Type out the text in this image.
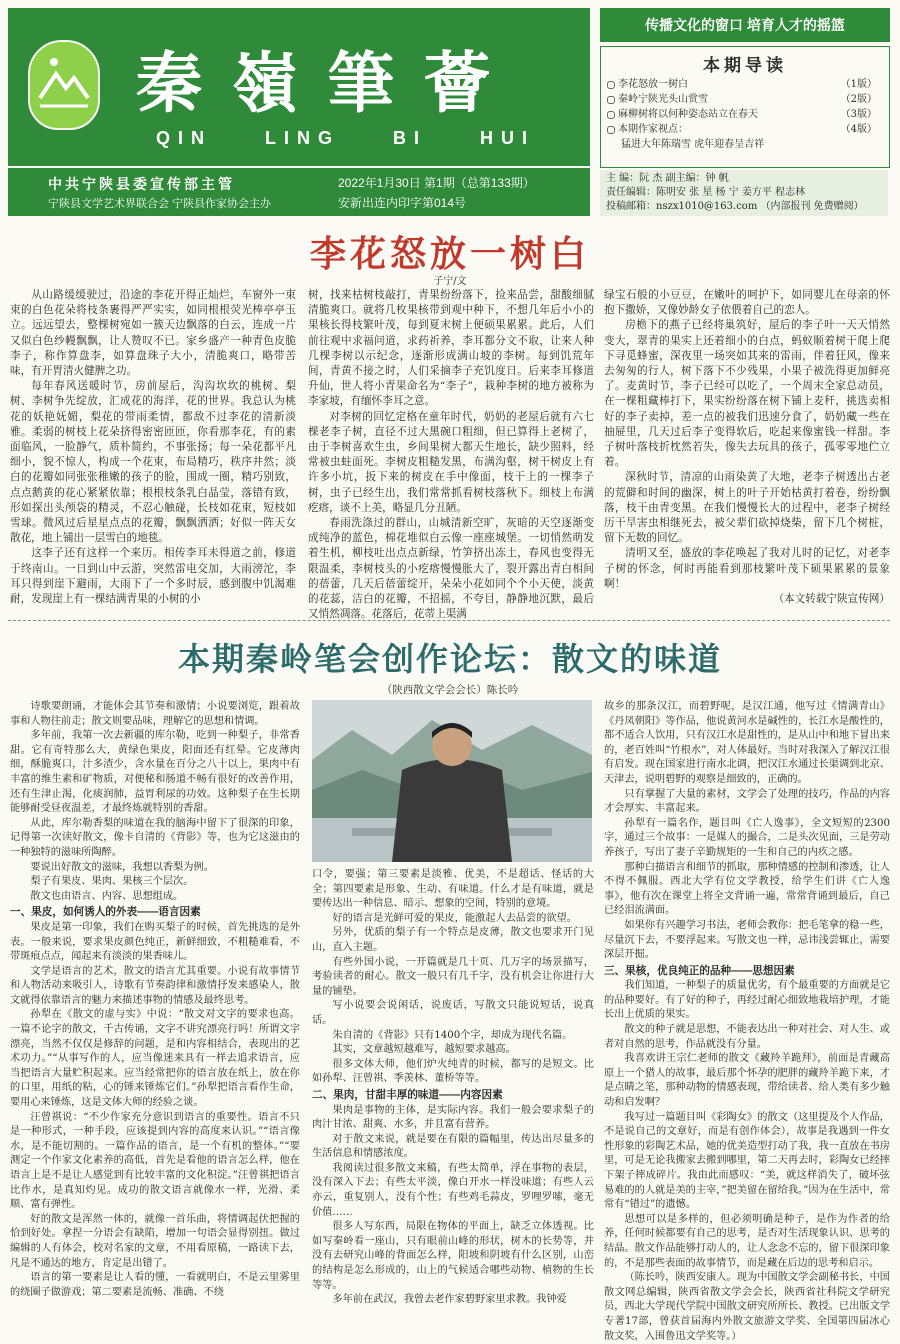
秦嶺筆薈
QIN LING BI HUI
中共宁陕县委宣传部主管
宁陕县文学艺术界联合会 宁陕县作家协会主办
2022年1月30日 第1期（总第133期）
安新出连内印字第014号
传播文化的窗口 培育人才的摇篮
本期导读
李花怒放一树白	（1版）
秦岭宁陕光头山赏雪	（2版）
麻柳树将以何种姿态站立在春天	（3版）
本期作家视点：	（4版）
猛进大年陈瑞雪 虎年迎春呈吉祥
主 编：阮 杰 副主编：钟 帆
责任编辑：陈明安 张 星 杨 宁 姜方平 程志林
投稿邮箱：nszx1010@163.com （内部报刊 免费赠阅）
李花怒放一树白
子宁/文

从山路缓缓驶过，沿途的李花开得正灿烂，车窗外一束束的白色花朵将枝条裹得严严实实，如同根根荧光棒亭亭玉立。远远望去，整棵树宛如一簇天边飘落的白云，连成一片又似白色纱幔飘飘，让人赞叹不已。家乡盛产一种青色皮脆李子，称作算盘李，如算盘珠子大小，清脆爽口，略带苦味，有开胃清火健脾之功。

每年春风送暖时节，房前屋后，沟沟坎坎的桃树、梨树、李树争先绽放，汇成花的海洋，花的世界。我总认为桃花的妖艳妩媚，梨花的带雨柔情，都敌不过李花的清新淡雅。柔弱的树枝上花朵挤得密密匝匝，你看那李花，有的素面临风，一脸静气，质朴简约，不事张扬；每一朵花都平凡细小，貌不惊人，构成一个花束，布局精巧，秩序井然；淡白的花瓣如同张张稚嫩的孩子的脸，围成一圈，精巧别致，点点鹅黄的花心紧紧依靠；根根枝条乳白晶莹，落错有致，形如探出头颅袋的精灵，不忍心触碰，长枝如花束，短枝如雪球。微风过后星星点点的花瓣，飘飘洒洒；好似一阵天女散花，地上铺出一层雪白的地毯。

这李子还有这样一个来历。相传李耳未得道之前，修道于终南山。一日到山中云游，突然雷电交加，大雨滂沱，李耳只得到崖下避雨，大雨下了一个多时辰，感到腹中饥渴难耐，发现崖上有一棵结满青果的小树的小

树，找来枯树枝敲打，青果纷纷落下，捡来品尝，甜酸细腻清脆爽口。就将几枚果核带到观中种下，不想几年后小小的果核长得枝繁叶茂，每到夏末树上便硕果累累。此后，人们前往观中求福问道，求药祈养，李耳都分文不取，让来人种几棵李树以示纪念，逐渐形成满山坡的李树。每到饥荒年间，青黄不接之时，人们采摘李子充饥度日。后来李耳修道升仙，世人将小青果命名为“李子”，栽种李树的地方被称为李家坡，有缅怀李耳之意。

对李树的回忆定格在童年时代，奶奶的老屋后就有六七棵老李子树，直径不过大黑碗口粗细，但已算得上老树了，由于李树喜欢生虫，乡间果树大都天生地长，缺少照料，经常被虫蛀面死。李树皮粗糙发黑，布满沟壑，树干树皮上有许多小坑，扳下来的树皮在手中像面，枝干上的一棵李子树，虫子已经生出，我们常常抓看树枝落秋下。细枝上布满疙瘩，谈不上美，略显几分丑陋。

春雨洗涤过的群山，山城清新空旷，灰暗的天空逐渐变成纯净的蓝色，棉花堆似白云像一座座城堡。一切悄然萌发着生机，柳枝吐出点点新绿，竹笋挤出冻土，春风也变得无限温柔，李树枝头的小疙瘩慢慢胀大了，裂开露出青白相间的蓓蕾，几天后蓓蕾绽开，朵朵小花如同个个小天使，淡黄的花蕊，洁白的花瓣，不招摇，不夸目，静静地沉默，最后又悄然凋落。花落后，花蒂上渠满

绿宝石般的小豆豆，在嫩叶的呵护下，如同婴儿在母亲的怀抱下撒娇，又像妙龄女子依偎着自己的恋人。

房檐下的燕子已经将巢筑好，屋后的李子叶一天天悄然变大，翠青的果实上还着细小的白点，蚂蚁顺着树干爬上爬下寻觅蜂蜜，深夜里一场突如其来的雷雨，伴着狂风，像来去匆匆的行人，树下落下不少残果，小果子被洗得更加鲜亮了。麦黄时节，李子已经可以吃了，一个周末全家总动员，在一棵粗藏棒打下，果实纷纷落在树下铺上麦秆，挑选卖相好的李子卖掉，差一点的被我们迅速分食了，奶奶藏一些在抽屉里，几天过后李子变得软后，吃起来像蜜钱一样甜。李子树叶落枝折枕然若失，像失去玩具的孩子，孤零零地伫立着。

深秋时节，清凉的山雨染黄了大地，老李子树透出古老的荒僻和时间的幽深，树上的叶子开始枯黄打着卷，纷纷飘落，枝干由青变黑。在我们慢慢长大的过程中，老李子树经历干旱害虫相继死去，被父辈们砍掉烧柴，留下几个树桩，留下无数的回忆。

清明又至，盛放的李花唤起了我对儿时的记忆，对老李子树的怀念，何时再能看到那枝繁叶茂下硕果累累的景象啊！

（本文转载宁陕宣传网）

本期秦岭笔会创作论坛：散文的味道
（陕西散文学会会长）陈长吟

诗歌要朗诵，才能体会其节奏和激情；小说要浏览，跟着故事和人物往前走；散文则要品味，理解它的思想和情调。

多年前，我第一次去新疆的库尔勒，吃到一种梨子，非常香甜。它有奇特那么大，黄绿色果皮，阳面还有红晕。它皮薄肉细，酥脆爽口，汁多渣少，含水量在百分之八十以上，果肉中有丰富的维生素和矿物质，对便秘和肠道不畅有很好的改善作用，还有生津止渴，化痰润肺，益胃利尿的功效。这种梨子在生长期能够耐受昼夜温差，才最终炼就特别的香甜。

从此，库尔勒香梨的味道在我的脑海中留下了很深的印象，记得第一次读好散文，像卡自清的《背影》等，也为它这滋由的一种独特的滋味所陶醉。

要说出好散文的滋味，我想以香梨为例。

梨子有果皮、果肉、果核三个层次。

散文也由语言、内容、思想组成。

一、果皮，如何诱人的外表——语言因素

果皮是第一印象，我们在购买梨子的时候，首先挑选的是外表。一般来说，要求果皮颜色纯正，新鲜细致，不粗糙难看，不带斑痕点点，闻起来有淡淡的果香味儿。

文学是语言的艺术，散文的语言尤其重要。小说有故事情节和人物活动来吸引人，诗歌有节奏韵律和激情抒发来感染人，散文就得依靠语言的魅力来描述事物的情感及最终思考。

孙犁在《散文的虚与实》中说：“散文对文字的要求也高。一篇不论字的散文，千古传诵，文字不讲究漂亮行吗！所谓文字漂亮，当然不仅仅是修辞的问题，是和内容相结合，表现出的艺术功力。”“从事写作的人，应当像迷来具有一样去追求语言，应当把语言大量贮积起来。应当经常把你的语言放在纸上，放在你的口里，用纸的粘，心的锤来锤炼它们。”孙犁把语言看作生命，要用心来锤炼，这是文体大师的经验之谈。

汪曾祺说：“不少作家充分意识到语言的重要性。语言不只是一种形式，一种手段，应该提到内容的高度来认识。”“语言像水，是不能切割的。一篇作品的语言，是一个有机的整体。”“要测定一个作家文化素养的高低，首先是看他的语言怎么样，他在语言上是不是让人感觉到有比较丰富的文化积淀。”汪曾祺把语言比作水，是真知灼见。成功的散文语言就像水一样，光滑、柔顺、富有弹性。

好的散文是浑然一体的，就像一首乐曲，将情调起伏把握的恰到好处。拿捏一分语会有缺陷，增加一句语会显得别扭。做过编辑的人有体会，校对名家的文章，不用看原稿，一路读下去，凡是不通达的地方，肯定是出错了。

语言的第一要素是让人看的懂，一看就明白，不是云里雾里的绕圈子做游戏；第二要素是流畅、准确、不绕

口令，要强；第三要素是淡雅、优美，不是超话、怪话的大全；第四要素是形象、生动、有味道。什么才是有味道，就是要传达出一种信息、暗示、想象的空间，特别的意境。

好的语言是光鲜可爱的果皮，能激起人去品尝的欲望。

另外，优质的梨子有一个特点是皮薄，散文也要求开门见山，直入主题。

有些外国小说，一开篇就是几十页、几万字的场景描写，考验读者的耐心。散文一般只有几千字，没有机会让你进行大量的铺垫。

写小说要会说闲话，说废话，写散文只能说短话，说真话。

朱自清的《背影》只有1400个字，却成为现代名篇。

其实，文章越短越难写，越短要求越高。

很多文体大师，他们炉火纯青的时候，都写的是短文。比如孙犁、汪曾祺、季羡林、董桥等等。

二、果肉，甘甜丰厚的味道——内容因素

果肉是事物的主体，是实际内容。我们一般会要求梨子的肉汁甘浓、甜爽、水多，并且富有营养。

对于散文来说，就是要在有限的篇幅里，传达出尽量多的生活信息和情感浓度。

我阅读过很多散文来稿，有些太简单，浮在事物的表层，没有深入下去；有些太平淡，像白开水一样没味道；有些人云亦云，重复别人，没有个性；有些鸡毛蒜皮，罗哩罗嗦，毫无价值……

很多人写东西，局限在物体的平面上，缺乏立体透视。比如写秦岭看一座山，只有眼前山峰的形状，树木的长势等，并没有去研究山峰的背面怎么样，阳坡和阴坡有什么区别，山峦的结构是怎么形成的，山上的气候适合哪些动物、植物的生长等等。

多年前在武汉，我曾去老作家碧野家里求教。我钟爱

故乡的那条汉江，而碧野呢，是汉江通，他写过《情满青山》《丹凤朝阳》等作品，他说黄河水是碱性的，长江水是酸性的，都不适合人饮用，只有汉江水是甜性的，是从山中和地下冒出来的，老百姓叫“竹根水”，对人体最好。当时对我深入了解汉江很有启发。现在国家进行南水北调，把汉江水通过长渠调到北京、天津去，说明碧野的观察是细致的，正确的。

只有掌握了大量的素材，文学会了处理的技巧，作品的内容才会厚实、丰富起来。

孙犁有一篇名作，题目叫《亡人逸事》，全文短短的2300字，通过三个故事：一是媒人的撮合，二是头次见面，三是劳动养孩子，写出了妻子辛勤规矩的一生和自己的内疚之感。

那种白描语言和细节的抓取，那种情感的控制和渗透，让人不得不佩服。西北大学有位文学教授，给学生们讲《亡人逸事》，他有次在课堂上将全文背诵一遍，常常背诵到最后，自己已经泪流满面。

如果你有兴趣学习书法，老师会教你：把毛笔拿的稳一些，尽量沉下去，不要浮起来。写散文也一样，忌讳浅尝辄止，需要深层开掘。

三、果核，优良纯正的品种——思想因素

我们知道，一种梨子的质量优劣，有个最重要的方面就是它的品种要好。有了好的种子，再经过耐心细致地栽培护理，才能长出上优质的果实。

散文的种子就是思想，不能表达出一种对社会、对人生、或者对自然的思考，作品就没有分量。

我喜欢讲王宗仁老师的散文《藏羚羊跪拜》，前面是青藏高原上一个猎人的故事，最后那个怀孕的肥胖的藏羚羊跪下来，才是点睛之笔，那种动物的情感表现，带给读者、给人类有多少触动和启发啊？

我写过一篇题目叫《彩陶女》的散文（这里提及个人作品，不是说自己的文章好，而是有创作体会），故事是我遇到一件女性形象的彩陶艺术品，她的优美造型打动了我，我一直放在书房里，可是无论我搬家去搬到哪里，第二天再去时，彩陶女已经摔下架子摔成碎片。我由此而感叹：“美，就这样消失了，破坏弦易难的的人就是美的主宰，”把美留在留给我。”因为在生活中，常常有“错过”的遗憾。

思想可以是多样的，但必须明确是种子，是作为作者的给养，任何时候都要有自己的思考，是否对生活现象认识、思考的结晶。散文作品能够打动人的，让人念念不忘的，留下很深印象的，不是那些表面的故事情节，而是藏在后边的思考和启示。

（陈长吟，陕西安康人。现为中国散文学会副秘书长，中国散文网总编辑，陕西省散文学会会长，陕西省社科院文学研究员，西北大学现代学院中国散文研究所所长、教授。已出版文学专著17部，曾获首届海内外散文旅游文学奖、全国第四届冰心散文奖，入围鲁迅文学奖等。）
